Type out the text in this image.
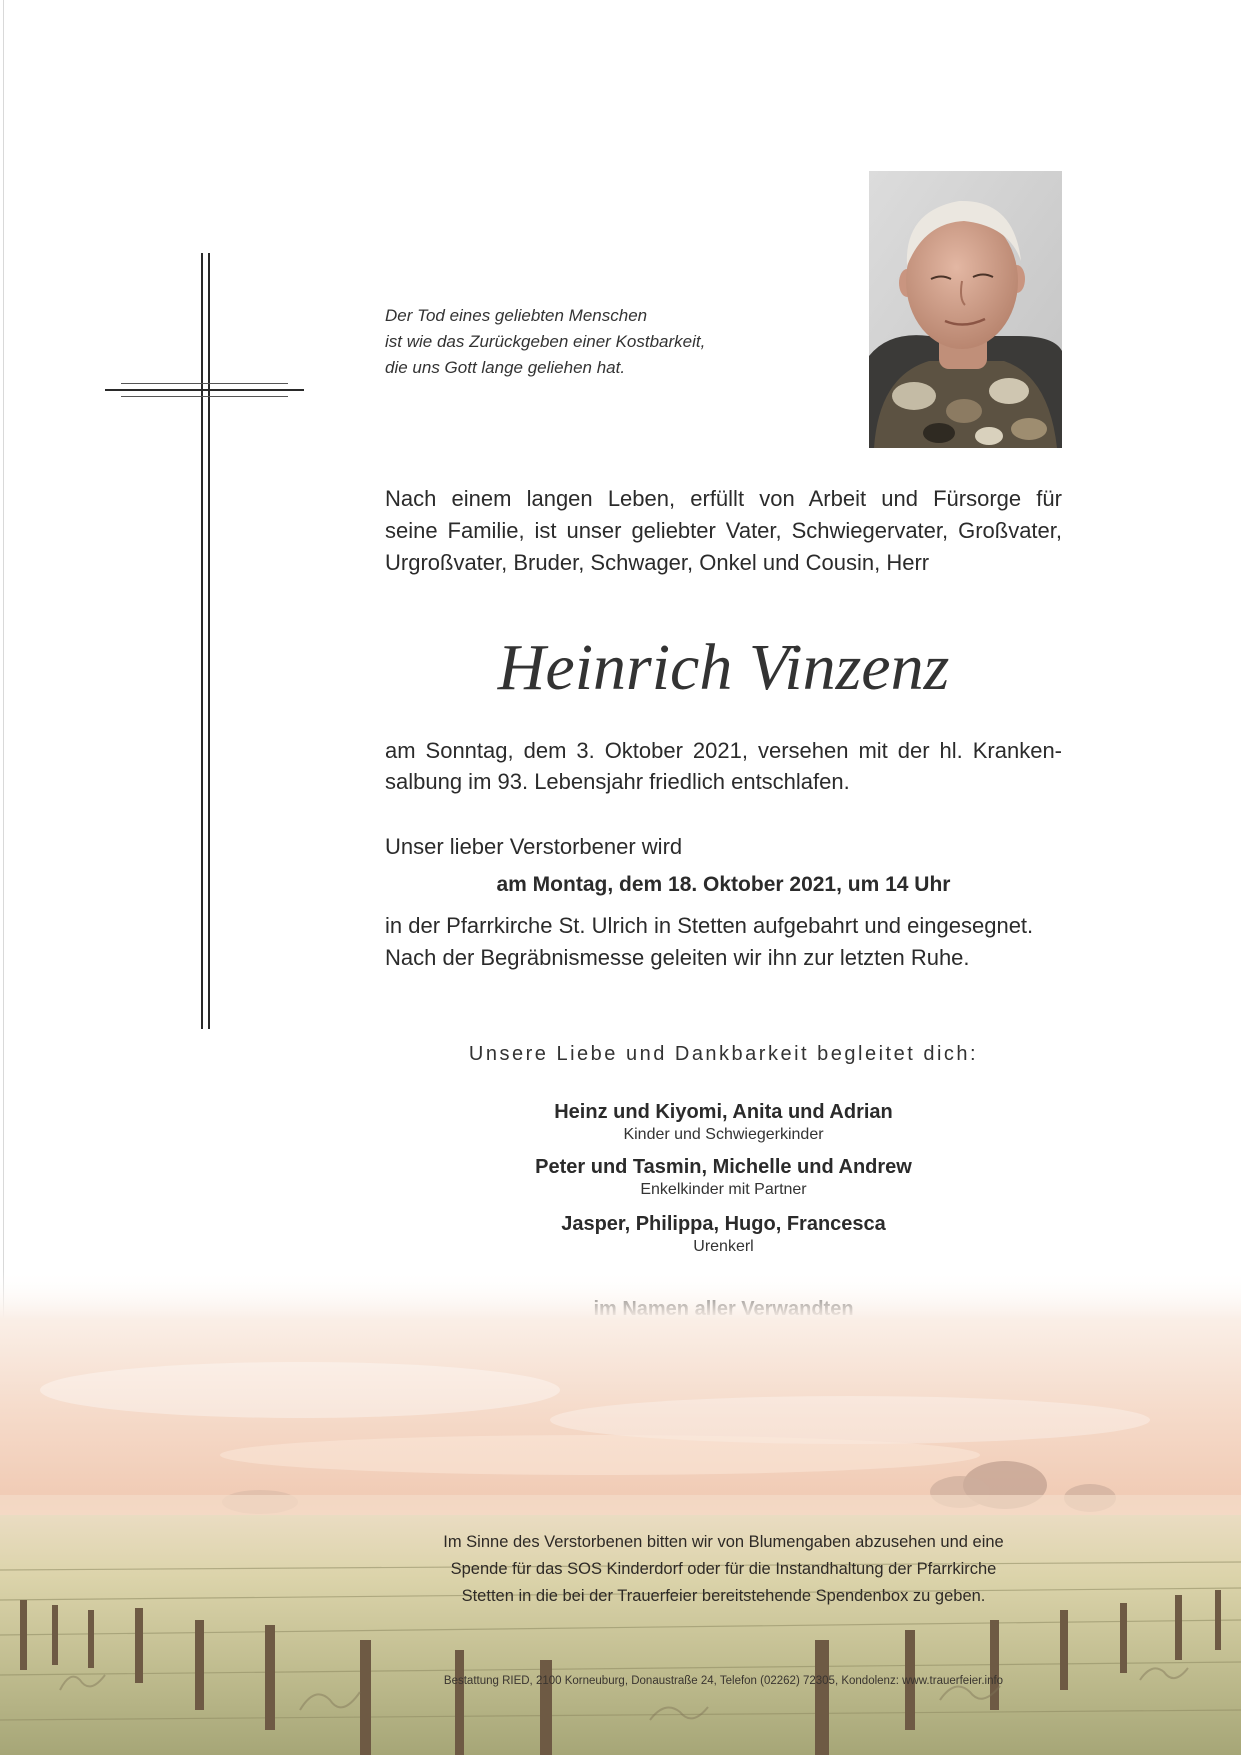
Der Tod eines geliebten Menschen
ist wie das Zurückgeben einer Kostbarkeit,
die uns Gott lange geliehen hat.
Nach einem langen Leben, erfüllt von Arbeit und Fürsorge für
seine Familie, ist unser geliebter Vater, Schwiegervater, Großvater,
Urgroßvater, Bruder, Schwager, Onkel und Cousin, Herr
Heinrich Vinzenz
am Sonntag, dem 3. Oktober 2021, versehen mit der hl. Kranken-
salbung im 93. Lebensjahr friedlich entschlafen.
Unser lieber Verstorbener wird
am Montag, dem 18. Oktober 2021, um 14 Uhr
in der Pfarrkirche St. Ulrich in Stetten aufgebahrt und eingesegnet.
Nach der Begräbnismesse geleiten wir ihn zur letzten Ruhe.
Unsere Liebe und Dankbarkeit begleitet dich:
Heinz und Kiyomi, Anita und Adrian
Kinder und Schwiegerkinder
Peter und Tasmin, Michelle und Andrew
Enkelkinder mit Partner
Jasper, Philippa, Hugo, Francesca
Urenkerl
Im Sinne des Verstorbenen bitten wir von Blumengaben abzusehen und eine
Spende für das SOS Kinderdorf oder für die Instandhaltung der Pfarrkirche
Stetten in die bei der Trauerfeier bereitstehende Spendenbox zu geben.
Bestattung RIED, 2100 Korneuburg, Donaustraße 24, Telefon (02262) 72305, Kondolenz: www.trauerfeier.info
